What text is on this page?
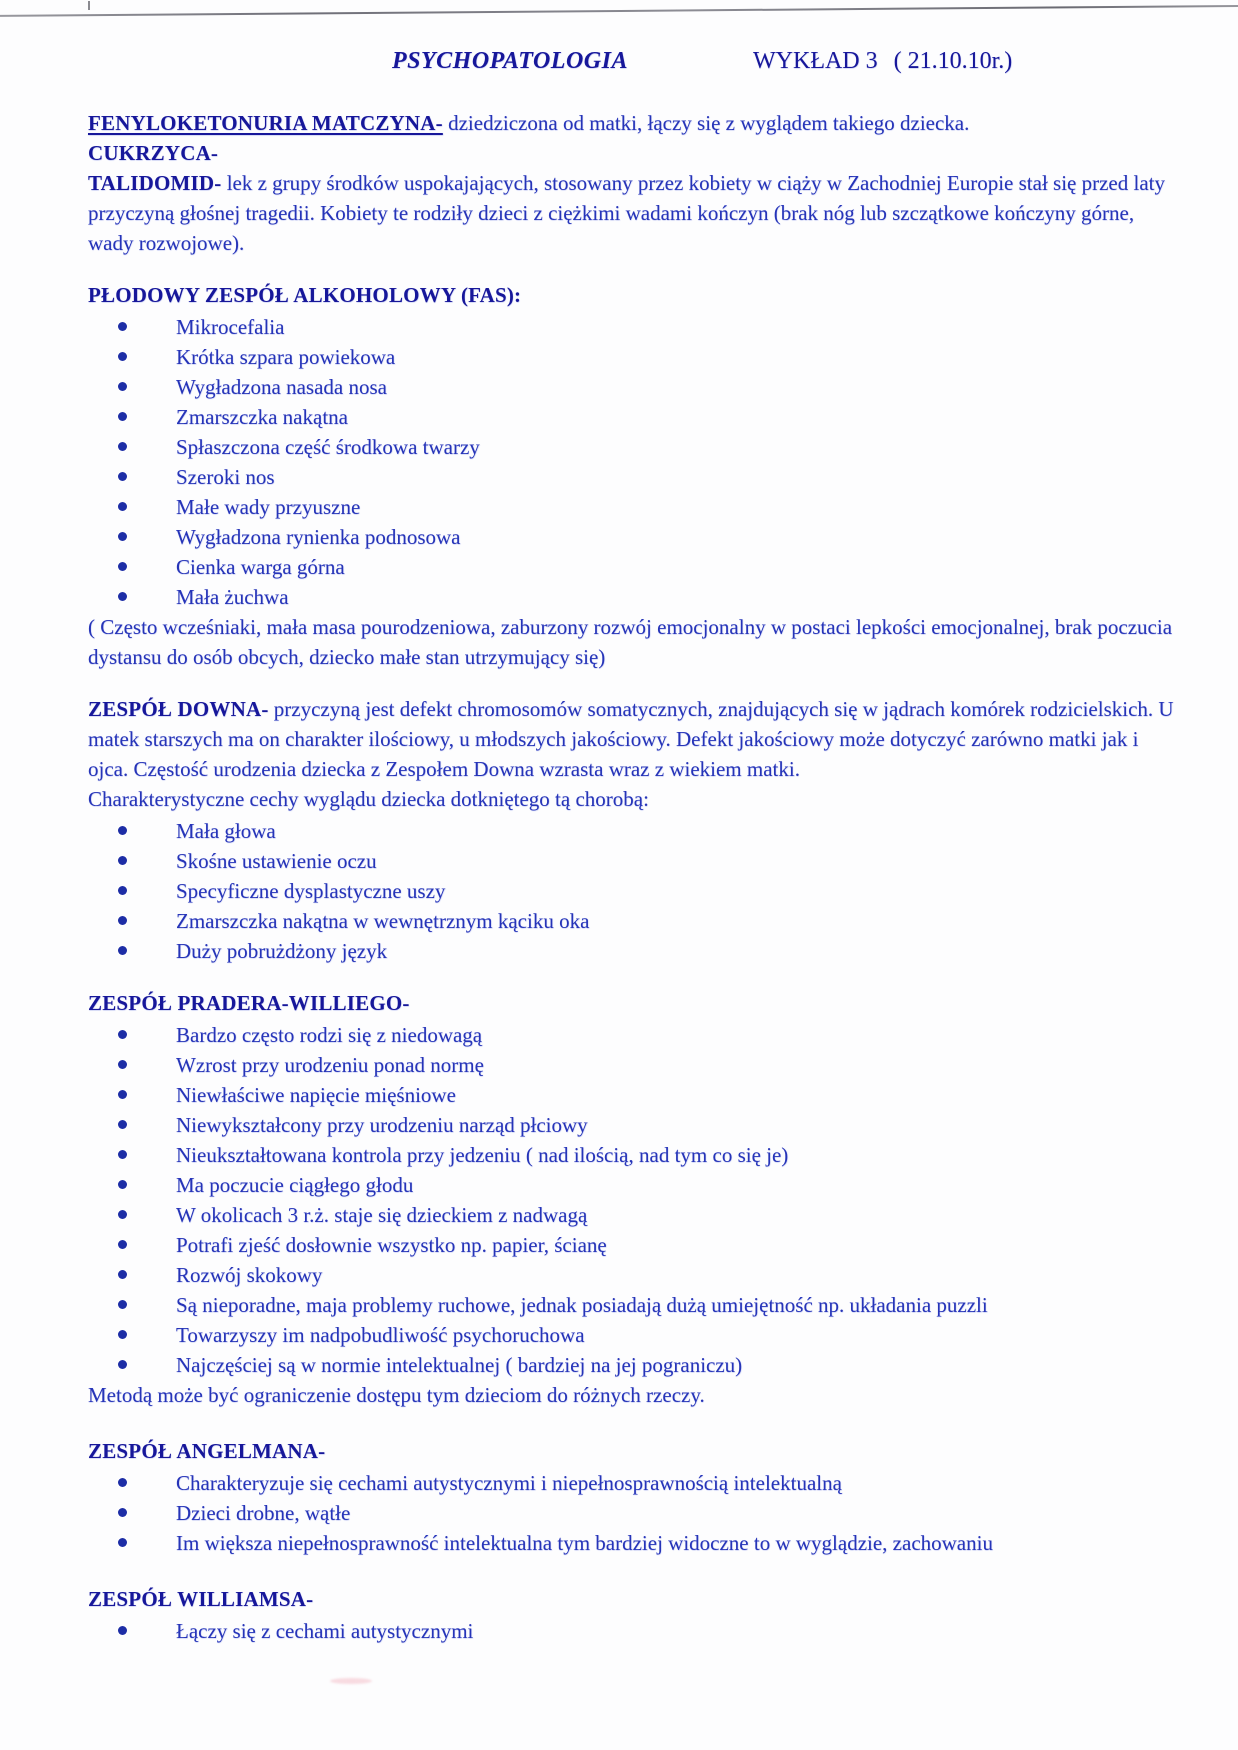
PSYCHOPATOLOGIA	WYKŁAD 3 ( 21.10.10r.)

FENYLOKETONURIA MATCZYNA- dziedziczona od matki, łączy się z wyglądem takiego dziecka.

CUKRZYCA-

TALIDOMID- lek z grupy środków uspokajających, stosowany przez kobiety w ciąży w Zachodniej Europie stał się przed laty przyczyną głośnej tragedii. Kobiety te rodziły dzieci z ciężkimi wadami kończyn (brak nóg lub szczątkowe kończyny górne, wady rozwojowe).

PŁODOWY ZESPÓŁ ALKOHOLOWY (FAS):

Mikrocefalia
Krótka szpara powiekowa
Wygładzona nasada nosa
Zmarszczka nakątna
Spłaszczona część środkowa twarzy
Szeroki nos
Małe wady przyuszne
Wygładzona rynienka podnosowa
Cienka warga górna
Mała żuchwa

( Często wcześniaki, mała masa pourodzeniowa, zaburzony rozwój emocjonalny w postaci lepkości emocjonalnej, brak poczucia dystansu do osób obcych, dziecko małe stan utrzymujący się)

ZESPÓŁ DOWNA- przyczyną jest defekt chromosomów somatycznych, znajdujących się w jądrach komórek rodzicielskich. U matek starszych ma on charakter ilościowy, u młodszych jakościowy. Defekt jakościowy może dotyczyć zarówno matki jak i ojca. Częstość urodzenia dziecka z Zespołem Downa wzrasta wraz z wiekiem matki.

Charakterystyczne cechy wyglądu dziecka dotkniętego tą chorobą:

Mała głowa
Skośne ustawienie oczu
Specyficzne dysplastyczne uszy
Zmarszczka nakątna w wewnętrznym kąciku oka
Duży pobrużdżony język

ZESPÓŁ PRADERA-WILLIEGO-

Bardzo często rodzi się z niedowagą
Wzrost przy urodzeniu ponad normę
Niewłaściwe napięcie mięśniowe
Niewykształcony przy urodzeniu narząd płciowy
Nieukształtowana kontrola przy jedzeniu ( nad ilością, nad tym co się je)
Ma poczucie ciągłego głodu
W okolicach 3 r.ż. staje się dzieckiem z nadwagą
Potrafi zjeść dosłownie wszystko np. papier, ścianę
Rozwój skokowy
Są nieporadne, maja problemy ruchowe, jednak posiadają dużą umiejętność np. układania puzzli
Towarzyszy im nadpobudliwość psychoruchowa
Najczęściej są w normie intelektualnej ( bardziej na jej pograniczu)

Metodą może być ograniczenie dostępu tym dzieciom do różnych rzeczy.

ZESPÓŁ ANGELMANA-

Charakteryzuje się cechami autystycznymi i niepełnosprawnością intelektualną
Dzieci drobne, wątłe
Im większa niepełnosprawność intelektualna tym bardziej widoczne to w wyglądzie, zachowaniu

ZESPÓŁ WILLIAMSA-

Łączy się z cechami autystycznymi
